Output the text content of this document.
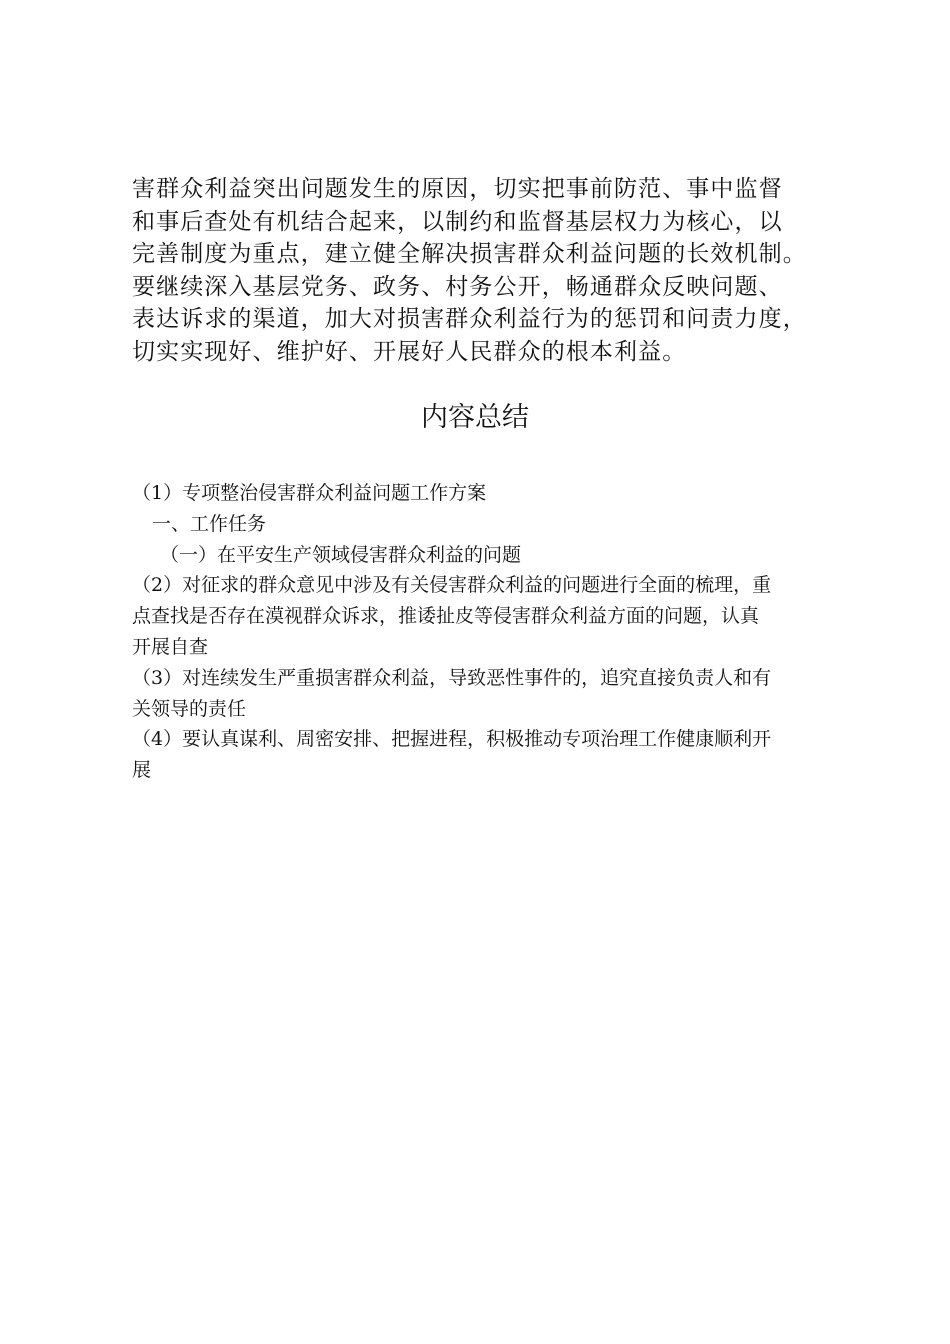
害群众利益突出问题发生的原因，切实把事前防范、事中监督
和事后查处有机结合起来，以制约和监督基层权力为核心，以
完善制度为重点，建立健全解决损害群众利益问题的长效机制。
要继续深入基层党务、政务、村务公开，畅通群众反映问题、
表达诉求的渠道，加大对损害群众利益行为的惩罚和问责力度，
切实实现好、维护好、开展好人民群众的根本利益。

内容总结
（1）专项整治侵害群众利益问题工作方案
一、工作任务
（一）在平安生产领域侵害群众利益的问题
（2）对征求的群众意见中涉及有关侵害群众利益的问题进行全面的梳理，重
点查找是否存在漠视群众诉求，推诿扯皮等侵害群众利益方面的问题，认真
开展自查
（3）对连续发生严重损害群众利益，导致恶性事件的，追究直接负责人和有
关领导的责任
（4）要认真谋利、周密安排、把握进程，积极推动专项治理工作健康顺利开
展
